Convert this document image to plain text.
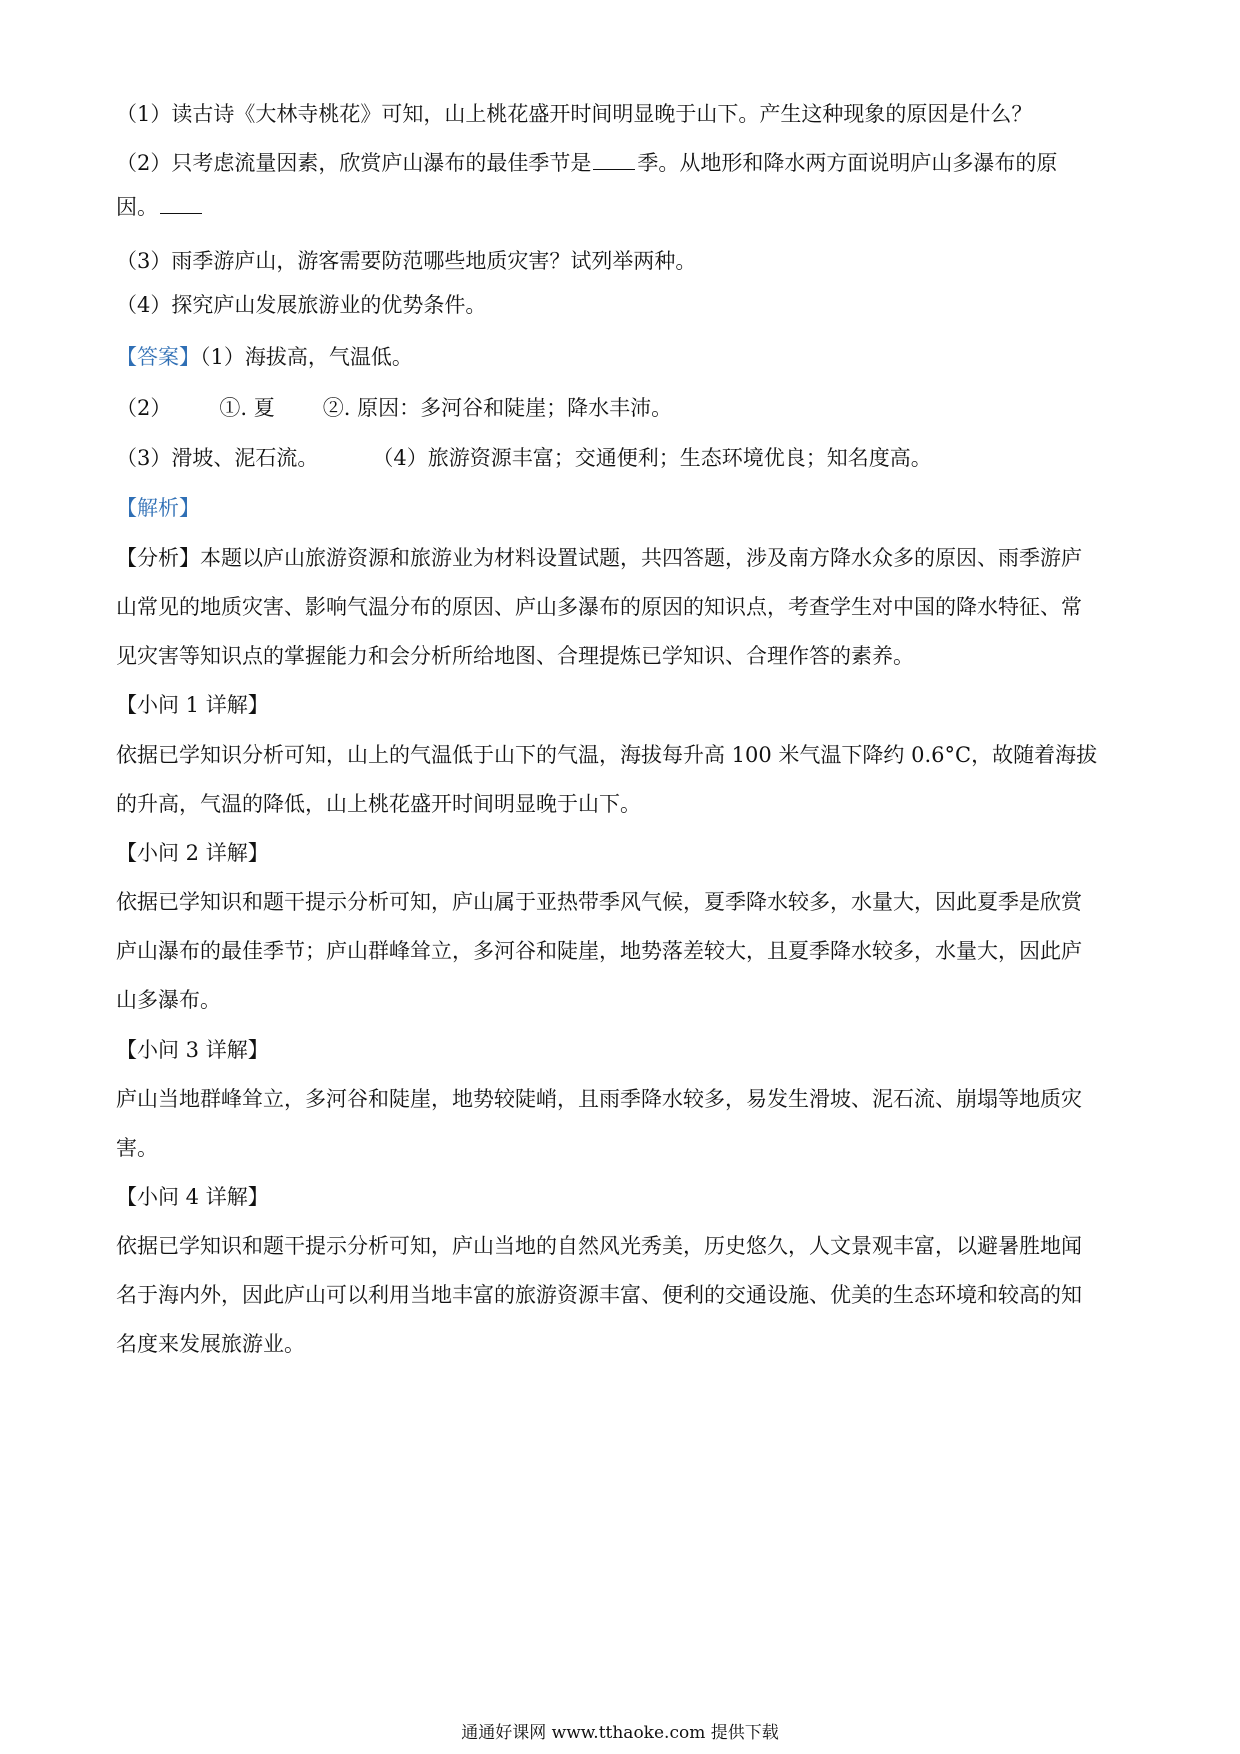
（1）读古诗《大林寺桃花》可知，山上桃花盛开时间明显晚于山下。产生这种现象的原因是什么？
（2）只考虑流量因素，欣赏庐山瀑布的最佳季节是 季。从地形和降水两方面说明庐山多瀑布的原
因。
（3）雨季游庐山，游客需要防范哪些地质灾害？试列举两种。
（4）探究庐山发展旅游业的优势条件。
【答案】（1）海拔高，气温低。
（2） ①. 夏 ②. 原因：多河谷和陡崖；降水丰沛。
（3）滑坡、泥石流。	（4）旅游资源丰富；交通便利；生态环境优良；知名度高。
【解析】
【分析】本题以庐山旅游资源和旅游业为材料设置试题，共四答题，涉及南方降水众多的原因、雨季游庐
山常见的地质灾害、影响气温分布的原因、庐山多瀑布的原因的知识点，考查学生对中国的降水特征、常
见灾害等知识点的掌握能力和会分析所给地图、合理提炼已学知识、合理作答的素养。
【小问 1 详解】
依据已学知识分析可知，山上的气温低于山下的气温，海拔每升高 100 米气温下降约 0.6°C，故随着海拔
的升高，气温的降低，山上桃花盛开时间明显晚于山下。
【小问 2 详解】
依据已学知识和题干提示分析可知，庐山属于亚热带季风气候，夏季降水较多，水量大，因此夏季是欣赏
庐山瀑布的最佳季节；庐山群峰耸立，多河谷和陡崖，地势落差较大，且夏季降水较多，水量大，因此庐
山多瀑布。
【小问 3 详解】
庐山当地群峰耸立，多河谷和陡崖，地势较陡峭，且雨季降水较多，易发生滑坡、泥石流、崩塌等地质灾
害。
【小问 4 详解】
依据已学知识和题干提示分析可知，庐山当地的自然风光秀美，历史悠久，人文景观丰富，以避暑胜地闻
名于海内外，因此庐山可以利用当地丰富的旅游资源丰富、便利的交通设施、优美的生态环境和较高的知
名度来发展旅游业。
通通好课网 www.tthaoke.com 提供下载
